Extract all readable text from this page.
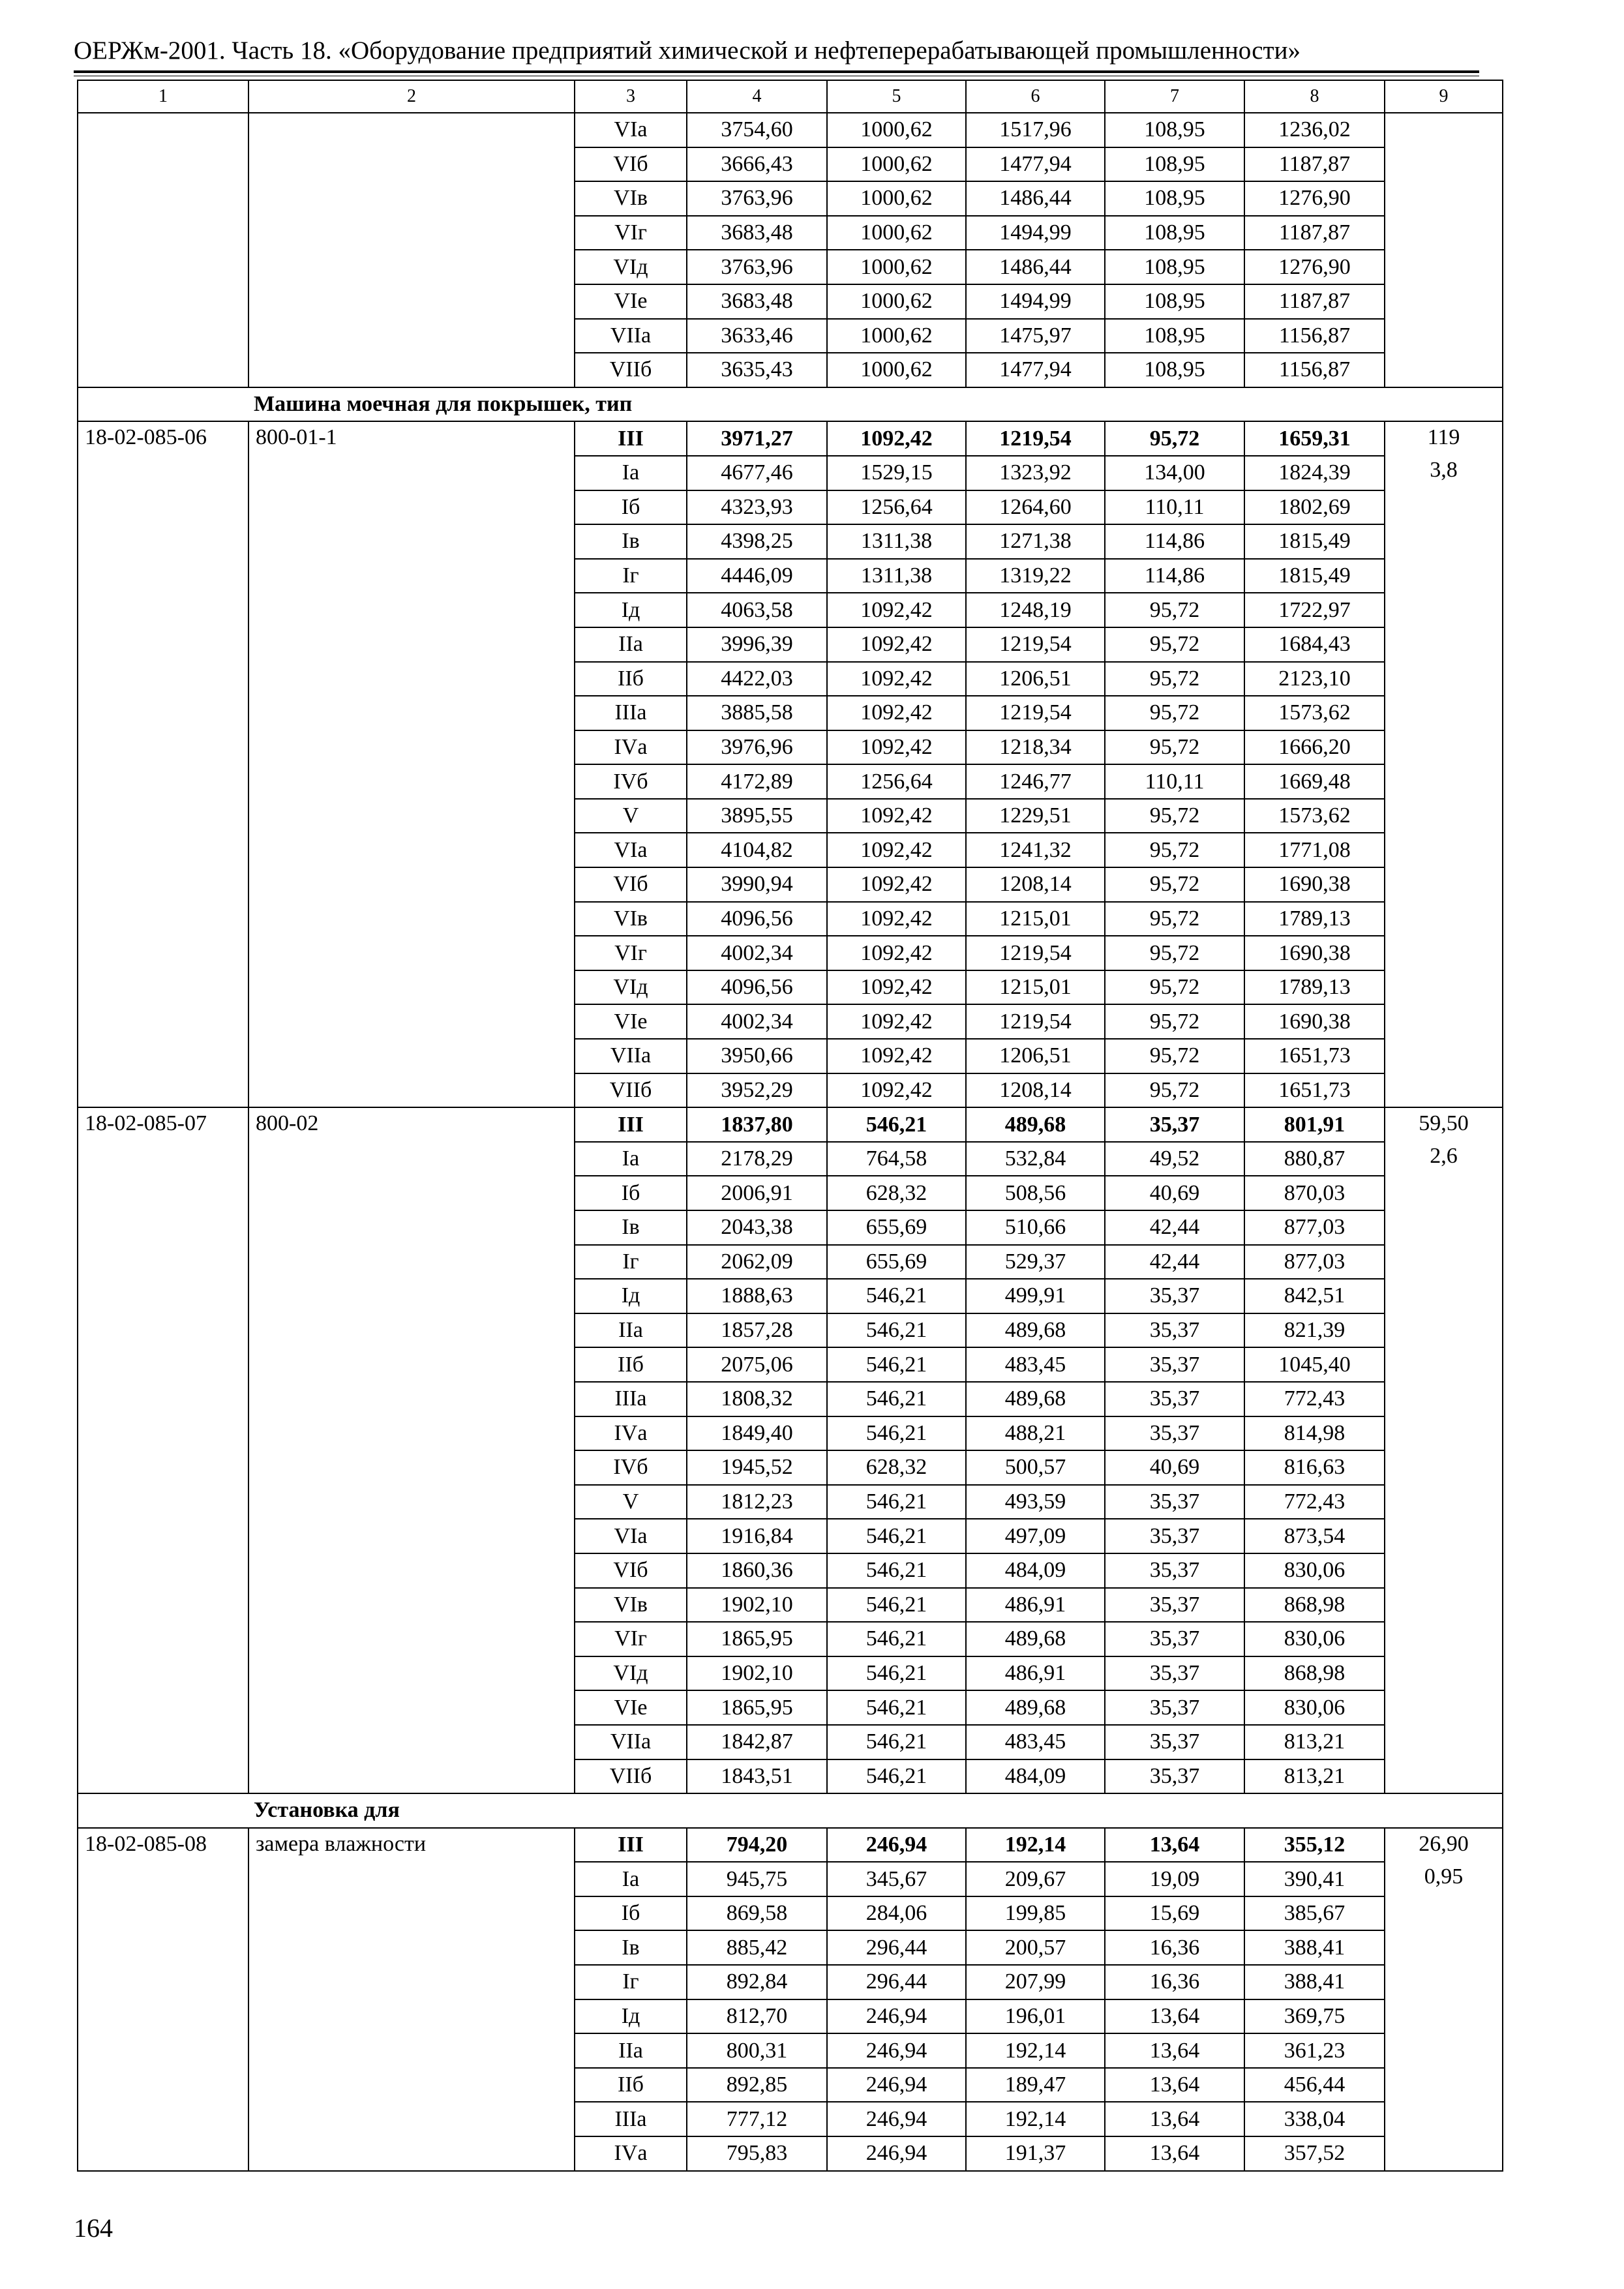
ОЕРЖм-2001. Часть 18. «Оборудование предприятий химической и нефтеперерабатывающей промышленности»
1	2	3	4	5	6	7	8	9
		VIа	3754,60	1000,62	1517,96	108,95	1236,02	
		VIб	3666,43	1000,62	1477,94	108,95	1187,87	
		VIв	3763,96	1000,62	1486,44	108,95	1276,90	
		VIг	3683,48	1000,62	1494,99	108,95	1187,87	
		VIд	3763,96	1000,62	1486,44	108,95	1276,90	
		VIе	3683,48	1000,62	1494,99	108,95	1187,87	
		VIIа	3633,46	1000,62	1475,97	108,95	1156,87	
		VIIб	3635,43	1000,62	1477,94	108,95	1156,87	
	Машина моечная для покрышек, тип							
18-02-085-06	800-01-1	III	3971,27	1092,42	1219,54	95,72	1659,31	119
3,8

		Iа	4677,46	1529,15	1323,92	134,00	1824,39	
		Iб	4323,93	1256,64	1264,60	110,11	1802,69	
		Iв	4398,25	1311,38	1271,38	114,86	1815,49	
		Iг	4446,09	1311,38	1319,22	114,86	1815,49	
		Iд	4063,58	1092,42	1248,19	95,72	1722,97	
		IIа	3996,39	1092,42	1219,54	95,72	1684,43	
		IIб	4422,03	1092,42	1206,51	95,72	2123,10	
		IIIа	3885,58	1092,42	1219,54	95,72	1573,62	
		IVа	3976,96	1092,42	1218,34	95,72	1666,20	
		IVб	4172,89	1256,64	1246,77	110,11	1669,48	
		V	3895,55	1092,42	1229,51	95,72	1573,62	
		VIа	4104,82	1092,42	1241,32	95,72	1771,08	
		VIб	3990,94	1092,42	1208,14	95,72	1690,38	
		VIв	4096,56	1092,42	1215,01	95,72	1789,13	
		VIг	4002,34	1092,42	1219,54	95,72	1690,38	
		VIд	4096,56	1092,42	1215,01	95,72	1789,13	
		VIе	4002,34	1092,42	1219,54	95,72	1690,38	
		VIIа	3950,66	1092,42	1206,51	95,72	1651,73	
		VIIб	3952,29	1092,42	1208,14	95,72	1651,73	
18-02-085-07	800-02	III	1837,80	546,21	489,68	35,37	801,91	59,50
2,6

		Iа	2178,29	764,58	532,84	49,52	880,87	
		Iб	2006,91	628,32	508,56	40,69	870,03	
		Iв	2043,38	655,69	510,66	42,44	877,03	
		Iг	2062,09	655,69	529,37	42,44	877,03	
		Iд	1888,63	546,21	499,91	35,37	842,51	
		IIа	1857,28	546,21	489,68	35,37	821,39	
		IIб	2075,06	546,21	483,45	35,37	1045,40	
		IIIа	1808,32	546,21	489,68	35,37	772,43	
		IVа	1849,40	546,21	488,21	35,37	814,98	
		IVб	1945,52	628,32	500,57	40,69	816,63	
		V	1812,23	546,21	493,59	35,37	772,43	
		VIа	1916,84	546,21	497,09	35,37	873,54	
		VIб	1860,36	546,21	484,09	35,37	830,06	
		VIв	1902,10	546,21	486,91	35,37	868,98	
		VIг	1865,95	546,21	489,68	35,37	830,06	
		VIд	1902,10	546,21	486,91	35,37	868,98	
		VIе	1865,95	546,21	489,68	35,37	830,06	
		VIIа	1842,87	546,21	483,45	35,37	813,21	
		VIIб	1843,51	546,21	484,09	35,37	813,21	
	Установка для							
18-02-085-08	замера влажности	III	794,20	246,94	192,14	13,64	355,12	26,90
0,95

		Iа	945,75	345,67	209,67	19,09	390,41	
		Iб	869,58	284,06	199,85	15,69	385,67	
		Iв	885,42	296,44	200,57	16,36	388,41	
		Iг	892,84	296,44	207,99	16,36	388,41	
		Iд	812,70	246,94	196,01	13,64	369,75	
		IIа	800,31	246,94	192,14	13,64	361,23	
		IIб	892,85	246,94	189,47	13,64	456,44	
		IIIа	777,12	246,94	192,14	13,64	338,04	
		IVа	795,83	246,94	191,37	13,64	357,52	
164
